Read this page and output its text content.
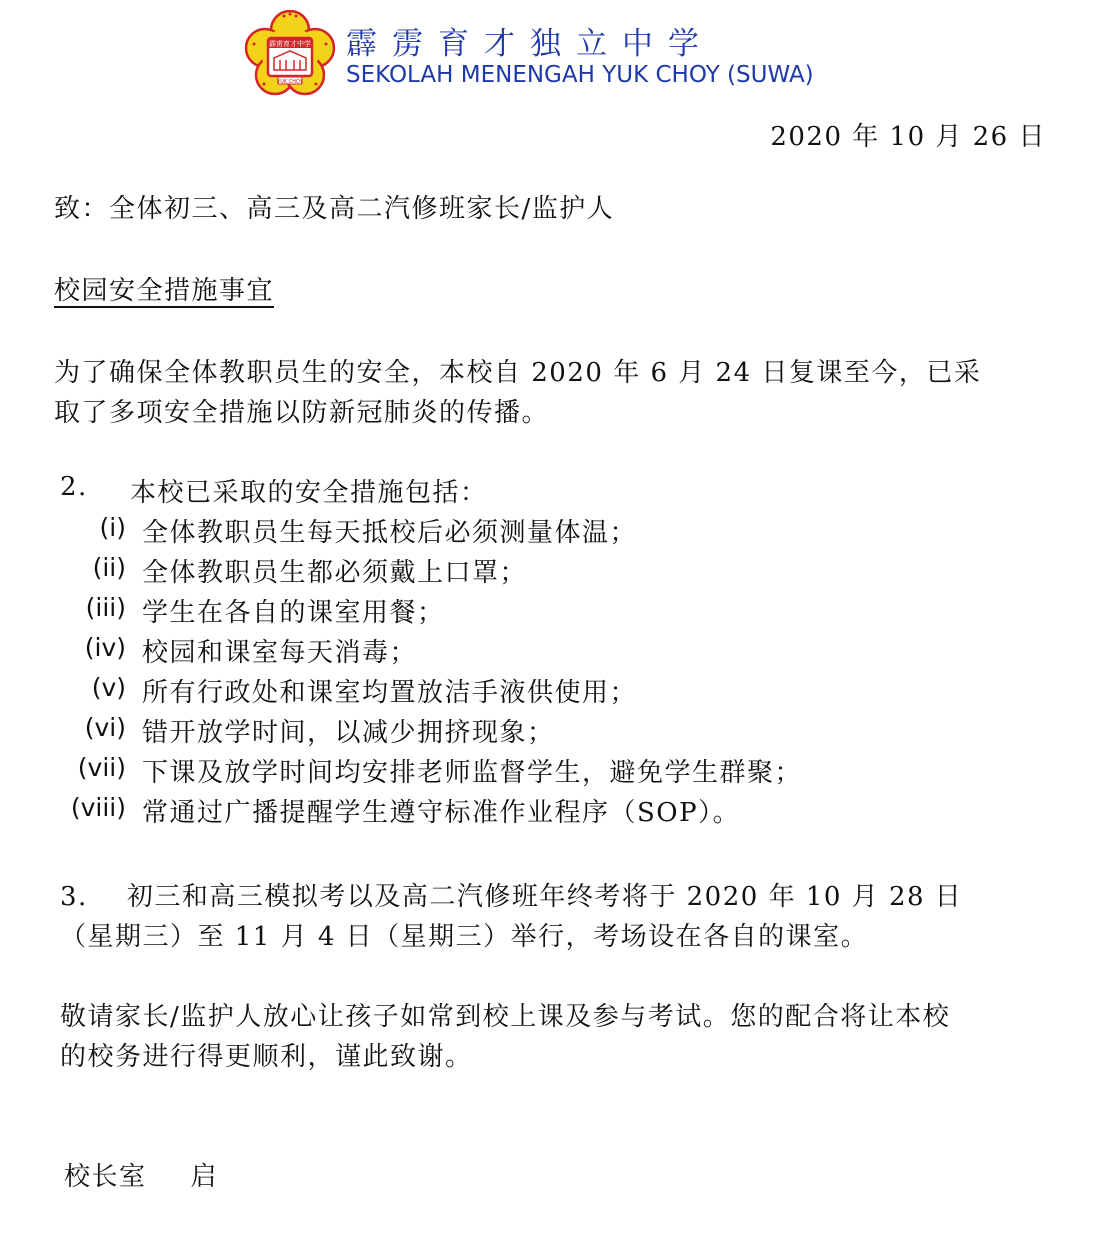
霹雳育才中学
YUK CHOY
霹雳育才独立中学
SEKOLAH MENENGAH YUK CHOY (SUWA)
2020 年 10 月 26 日
致：全体初三、高三及高二汽修班家长/监护人
校园安全措施事宜
为了确保全体教职员生的安全，本校自 2020 年 6 月 24 日复课至今，已采
取了多项安全措施以防新冠肺炎的传播。
2. 本校已采取的安全措施包括：
(i) 全体教职员生每天抵校后必须测量体温；
(ii) 全体教职员生都必须戴上口罩；
(iii) 学生在各自的课室用餐；
(iv) 校园和课室每天消毒；
(v) 所有行政处和课室均置放洁手液供使用；
(vi) 错开放学时间，以减少拥挤现象；
(vii) 下课及放学时间均安排老师监督学生，避免学生群聚；
(viii) 常通过广播提醒学生遵守标准作业程序（SOP）。
3.    初三和高三模拟考以及高二汽修班年终考将于 2020 年 10 月 28 日
（星期三）至 11 月 4 日（星期三）举行，考场设在各自的课室。
敬请家长/监护人放心让孩子如常到校上课及参与考试。您的配合将让本校
的校务进行得更顺利，谨此致谢。
校长室 启
